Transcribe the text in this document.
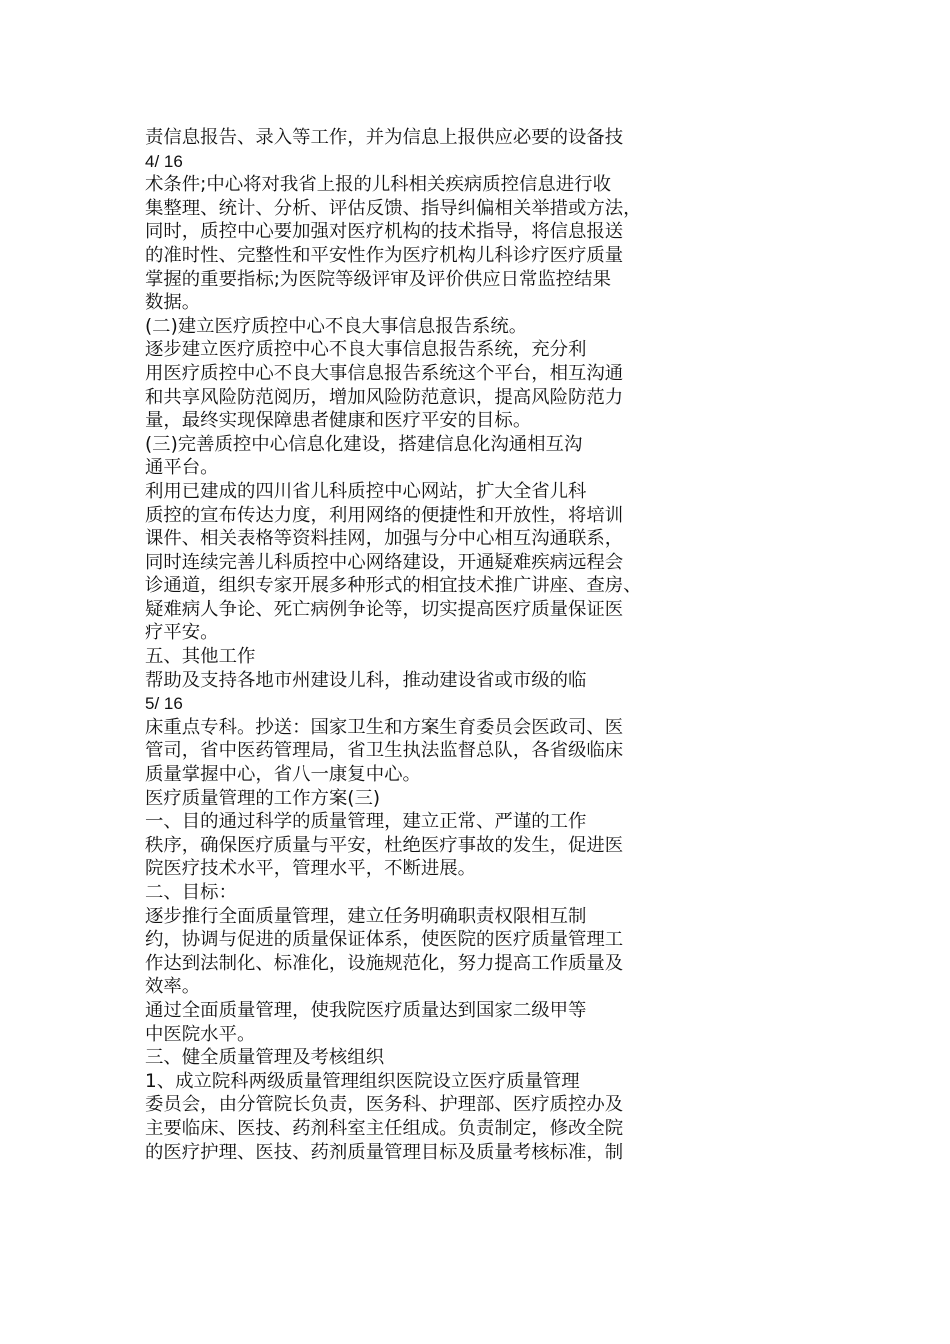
责信息报告、录入等工作，并为信息上报供应必要的设备技
4/ 16
术条件;中心将对我省上报的儿科相关疾病质控信息进行收
集整理、统计、分析、评估反馈、指导纠偏相关举措或方法，
同时，质控中心要加强对医疗机构的技术指导，将信息报送
的准时性、完整性和平安性作为医疗机构儿科诊疗医疗质量
掌握的重要指标;为医院等级评审及评价供应日常监控结果
数据。
(二)建立医疗质控中心不良大事信息报告系统。
逐步建立医疗质控中心不良大事信息报告系统，充分利
用医疗质控中心不良大事信息报告系统这个平台，相互沟通
和共享风险防范阅历，增加风险防范意识，提高风险防范力
量，最终实现保障患者健康和医疗平安的目标。
(三)完善质控中心信息化建设，搭建信息化沟通相互沟
通平台。
利用已建成的四川省儿科质控中心网站，扩大全省儿科
质控的宣布传达力度，利用网络的便捷性和开放性，将培训
课件、相关表格等资料挂网，加强与分中心相互沟通联系，
同时连续完善儿科质控中心网络建设，开通疑难疾病远程会
诊通道，组织专家开展多种形式的相宜技术推广讲座、查房、
疑难病人争论、死亡病例争论等，切实提高医疗质量保证医
疗平安。
五、其他工作
帮助及支持各地市州建设儿科，推动建设省或市级的临
5/ 16
床重点专科。抄送：国家卫生和方案生育委员会医政司、医
管司，省中医药管理局，省卫生执法监督总队，各省级临床
质量掌握中心，省八一康复中心。
医疗质量管理的工作方案(三)
一、目的通过科学的质量管理，建立正常、严谨的工作
秩序，确保医疗质量与平安，杜绝医疗事故的发生，促进医
院医疗技术水平，管理水平，不断进展。
二、目标：
逐步推行全面质量管理，建立任务明确职责权限相互制
约，协调与促进的质量保证体系，使医院的医疗质量管理工
作达到法制化、标准化，设施规范化，努力提高工作质量及
效率。
通过全面质量管理，使我院医疗质量达到国家二级甲等
中医院水平。
三、健全质量管理及考核组织
1、成立院科两级质量管理组织医院设立医疗质量管理
委员会，由分管院长负责，医务科、护理部、医疗质控办及
主要临床、医技、药剂科室主任组成。负责制定，修改全院
的医疗护理、医技、药剂质量管理目标及质量考核标准，制
